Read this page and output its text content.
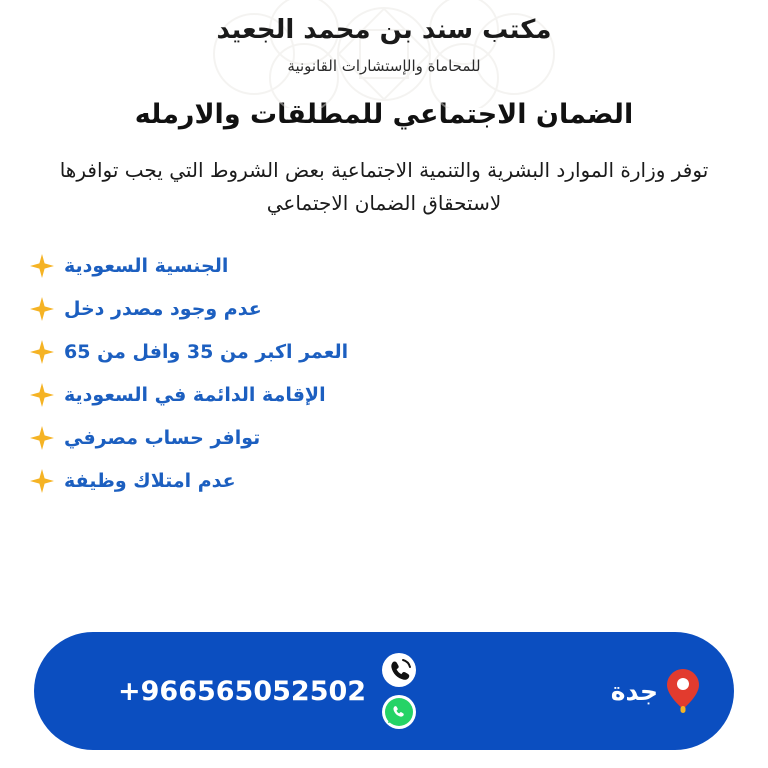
مكتب سند بن محمد الجعيد
للمحاماة والإستشارات القانونية
الضمان الاجتماعي للمطلقات والارمله
توفر وزارة الموارد البشرية والتنمية الاجتماعية بعض الشروط التي يجب توافرها لاستحقاق الضمان الاجتماعي
الجنسية السعودية
عدم وجود مصدر دخل
العمر اكبر من 35 وافل من 65
الإقامة الدائمة في السعودية
توافر حساب مصرفي
عدم امتلاك وظيفة
جدة
+966565052502
